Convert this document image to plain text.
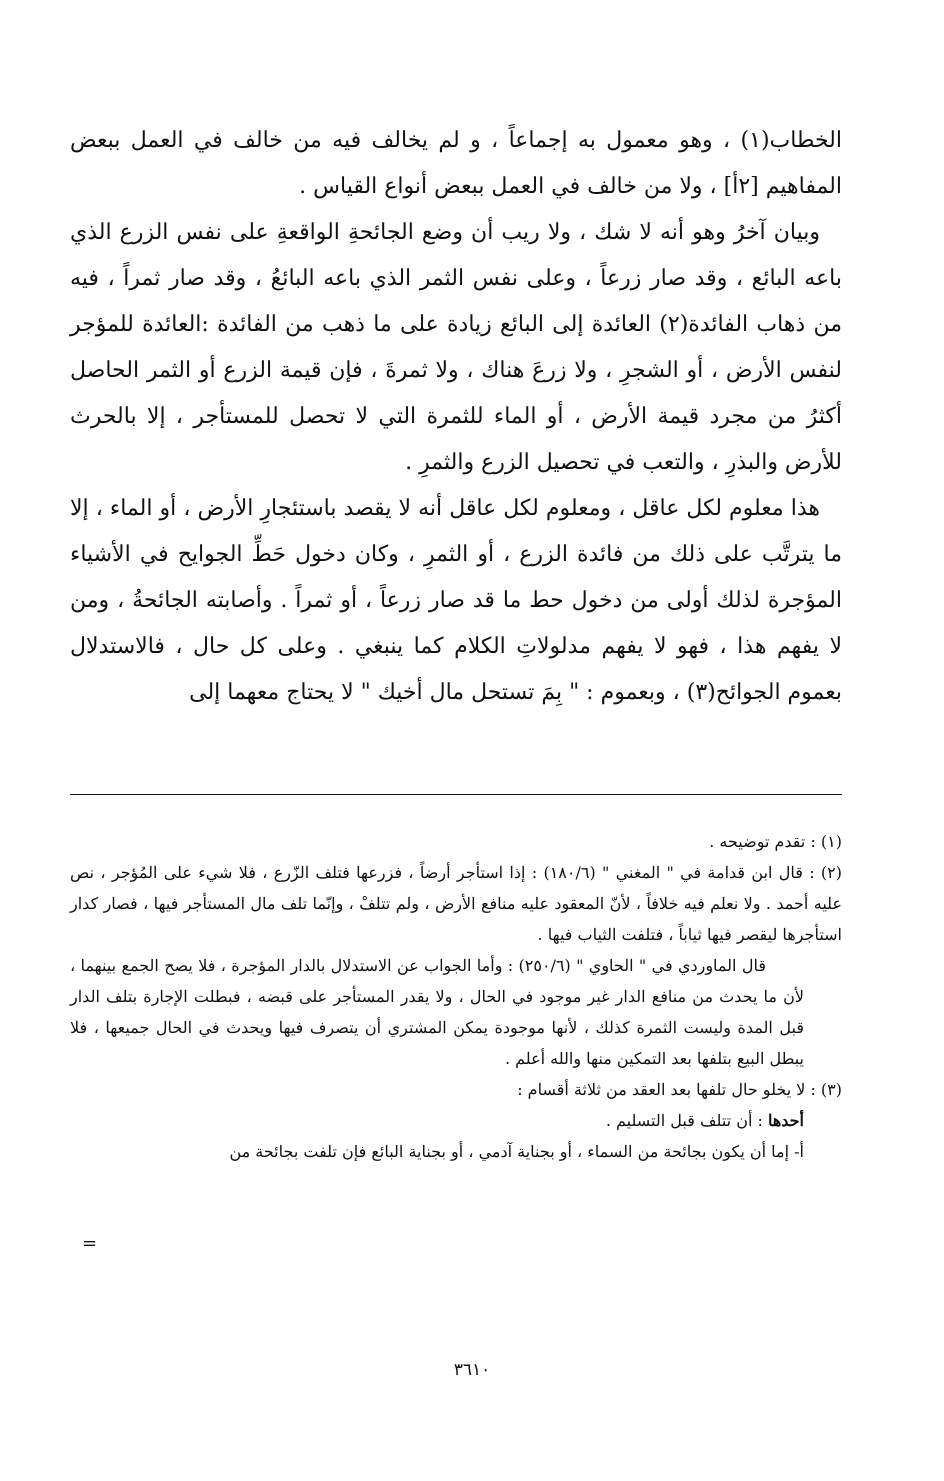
الخطاب(١) ، وهو معمول به إجماعاً ، و لم يخالف فيه من خالف في العمل ببعض المفاهيم [٢أ] ، ولا من خالف في العمل ببعض أنواع القياس .

وبيان آخرُ وهو أنه لا شك ، ولا ريب أن وضع الجائحةِ الواقعةِ على نفس الزرع الذي باعه البائع ، وقد صار زرعاً ، وعلى نفس الثمر الذي باعه البائعُ ، وقد صار ثمراً ، فيه من ذهاب الفائدة(٢) العائدة إلى البائع زيادة على ما ذهب من الفائدة :العائدة للمؤجر لنفس الأرض ، أو الشجرِ ، ولا زرعَ هناك ، ولا ثمرةَ ، فإن قيمة الزرع أو الثمر الحاصل أكثرُ من مجرد قيمة الأرض ، أو الماء للثمرة التي لا تحصل للمستأجر ، إلا بالحرث للأرض والبذرِ ، والتعب في تحصيل الزرع والثمرِ .

هذا معلوم لكل عاقل ، ومعلوم لكل عاقل أنه لا يقصد باستئجارِ الأرض ، أو الماء ، إلا ما يترتَّب على ذلك من فائدة الزرع ، أو الثمرِ ، وكان دخول حَطِّ الجوايح في الأشياء المؤجرة لذلك أولى من دخول حط ما قد صار زرعاً ، أو ثمراً . وأصابته الجائحةُ ، ومن لا يفهم هذا ، فهو لا يفهم مدلولاتِ الكلام كما ينبغي . وعلى كل حال ، فالاستدلال بعموم الجوائح(٣) ، وبعموم : " بِمَ تستحل مال أخيك " لا يحتاج معهما إلى

(١) : تقدم توضيحه .

(٢) : قال ابن قدامة في " المغني " (١٨٠/٦) : إذا استأجر أرضاً ، فزرعها فتلف الزّرع ، فلا شيء على المُؤجر ، نص عليه أحمد . ولا نعلم فيه خلافاً ، لأنّ المعقود عليه منافع الأرض ، ولم تتلفْ ، وإنّما تلف مال المستأجر فيها ، فصار كدار استأجرها ليقصر فيها ثياباً ، فتلفت الثياب فيها .

قال الماوردي في " الحاوي " (٢٥٠/٦) : وأما الجواب عن الاستدلال بالدار المؤجرة ، فلا يصح الجمع بينهما ، لأن ما يحدث من منافع الدار غير موجود في الحال ، ولا يقدر المستأجر على قبضه ، فبطلت الإجارة بتلف الدار قبل المدة وليست الثمرة كذلك ، لأنها موجودة يمكن المشتري أن يتصرف فيها ويحدث في الحال جميعها ، فلا يبطل البيع بتلفها بعد التمكين منها والله أعلم .

(٣) : لا يخلو حال تلفها بعد العقد من ثلاثة أقسام :

أحدها : أن تتلف قبل التسليم .

أ- إما أن يكون بجائحة من السماء ، أو بجناية آدمي ، أو بجناية البائع فإن تلفت بجائحة من

=
٣٦١٠
